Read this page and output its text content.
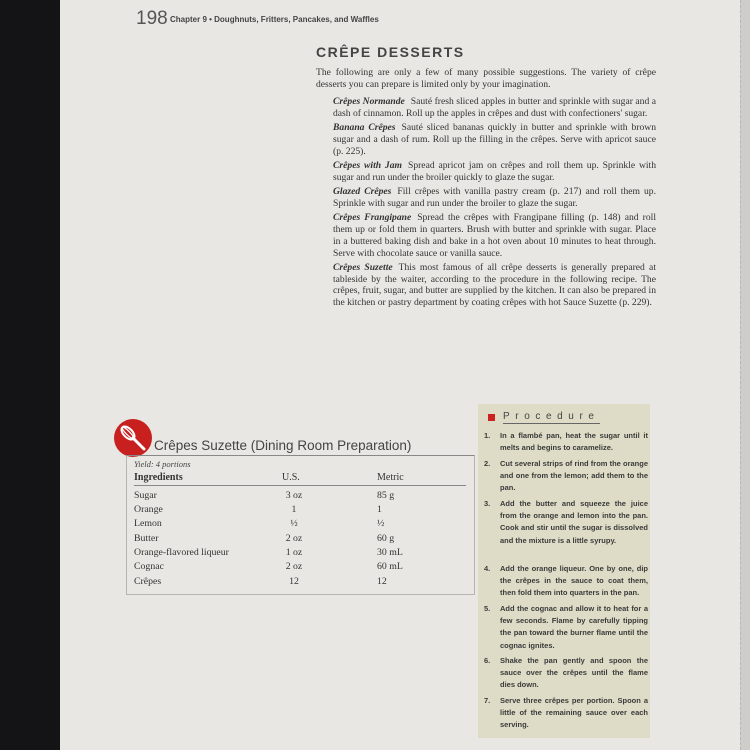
198 Chapter 9 • Doughnuts, Fritters, Pancakes, and Waffles
CRÊPE DESSERTS

The following are only a few of many possible suggestions. The variety of crêpe desserts you can prepare is limited only by your imagination.

Crêpes Normande Sauté fresh sliced apples in butter and sprinkle with sugar and a dash of cinnamon. Roll up the apples in crêpes and dust with confectioners' sugar.

Banana Crêpes Sauté sliced bananas quickly in butter and sprinkle with brown sugar and a dash of rum. Roll up the filling in the crêpes. Serve with apricot sauce (p. 225).

Crêpes with Jam Spread apricot jam on crêpes and roll them up. Sprinkle with sugar and run under the broiler quickly to glaze the sugar.

Glazed Crêpes Fill crêpes with vanilla pastry cream (p. 217) and roll them up. Sprinkle with sugar and run under the broiler to glaze the sugar.

Crêpes Frangipane Spread the crêpes with Frangipane filling (p. 148) and roll them up or fold them in quarters. Brush with butter and sprinkle with sugar. Place in a buttered baking dish and bake in a hot oven about 10 minutes to heat through. Serve with chocolate sauce or vanilla sauce.

Crêpes Suzette This most famous of all crêpe desserts is generally prepared at tableside by the waiter, according to the procedure in the following recipe. The crêpes, fruit, sugar, and butter are supplied by the kitchen. It can also be prepared in the kitchen or pastry department by coating crêpes with hot Sauce Suzette (p. 229).

Crêpes Suzette (Dining Room Preparation)
Yield: 4 portions
Ingredients	U.S.	Metric
Sugar	3 oz	85 g
Orange	1	1
Lemon	½	½
Butter	2 oz	60 g
Orange-flavored liqueur	1 oz	30 mL
Cognac	2 oz	60 mL
Crêpes	12	12
Procedure
1. In a flambé pan, heat the sugar until it melts and begins to caramelize.
2. Cut several strips of rind from the orange and one from the lemon; add them to the pan.
3. Add the butter and squeeze the juice from the orange and lemon into the pan. Cook and stir until the sugar is dissolved and the mixture is a little syrupy.
4. Add the orange liqueur. One by one, dip the crêpes in the sauce to coat them, then fold them into quarters in the pan.
5. Add the cognac and allow it to heat for a few seconds. Flame by carefully tipping the pan toward the burner flame until the cognac ignites.
6. Shake the pan gently and spoon the sauce over the crêpes until the flame dies down.
7. Serve three crêpes per portion. Spoon a little of the remaining sauce over each serving.
